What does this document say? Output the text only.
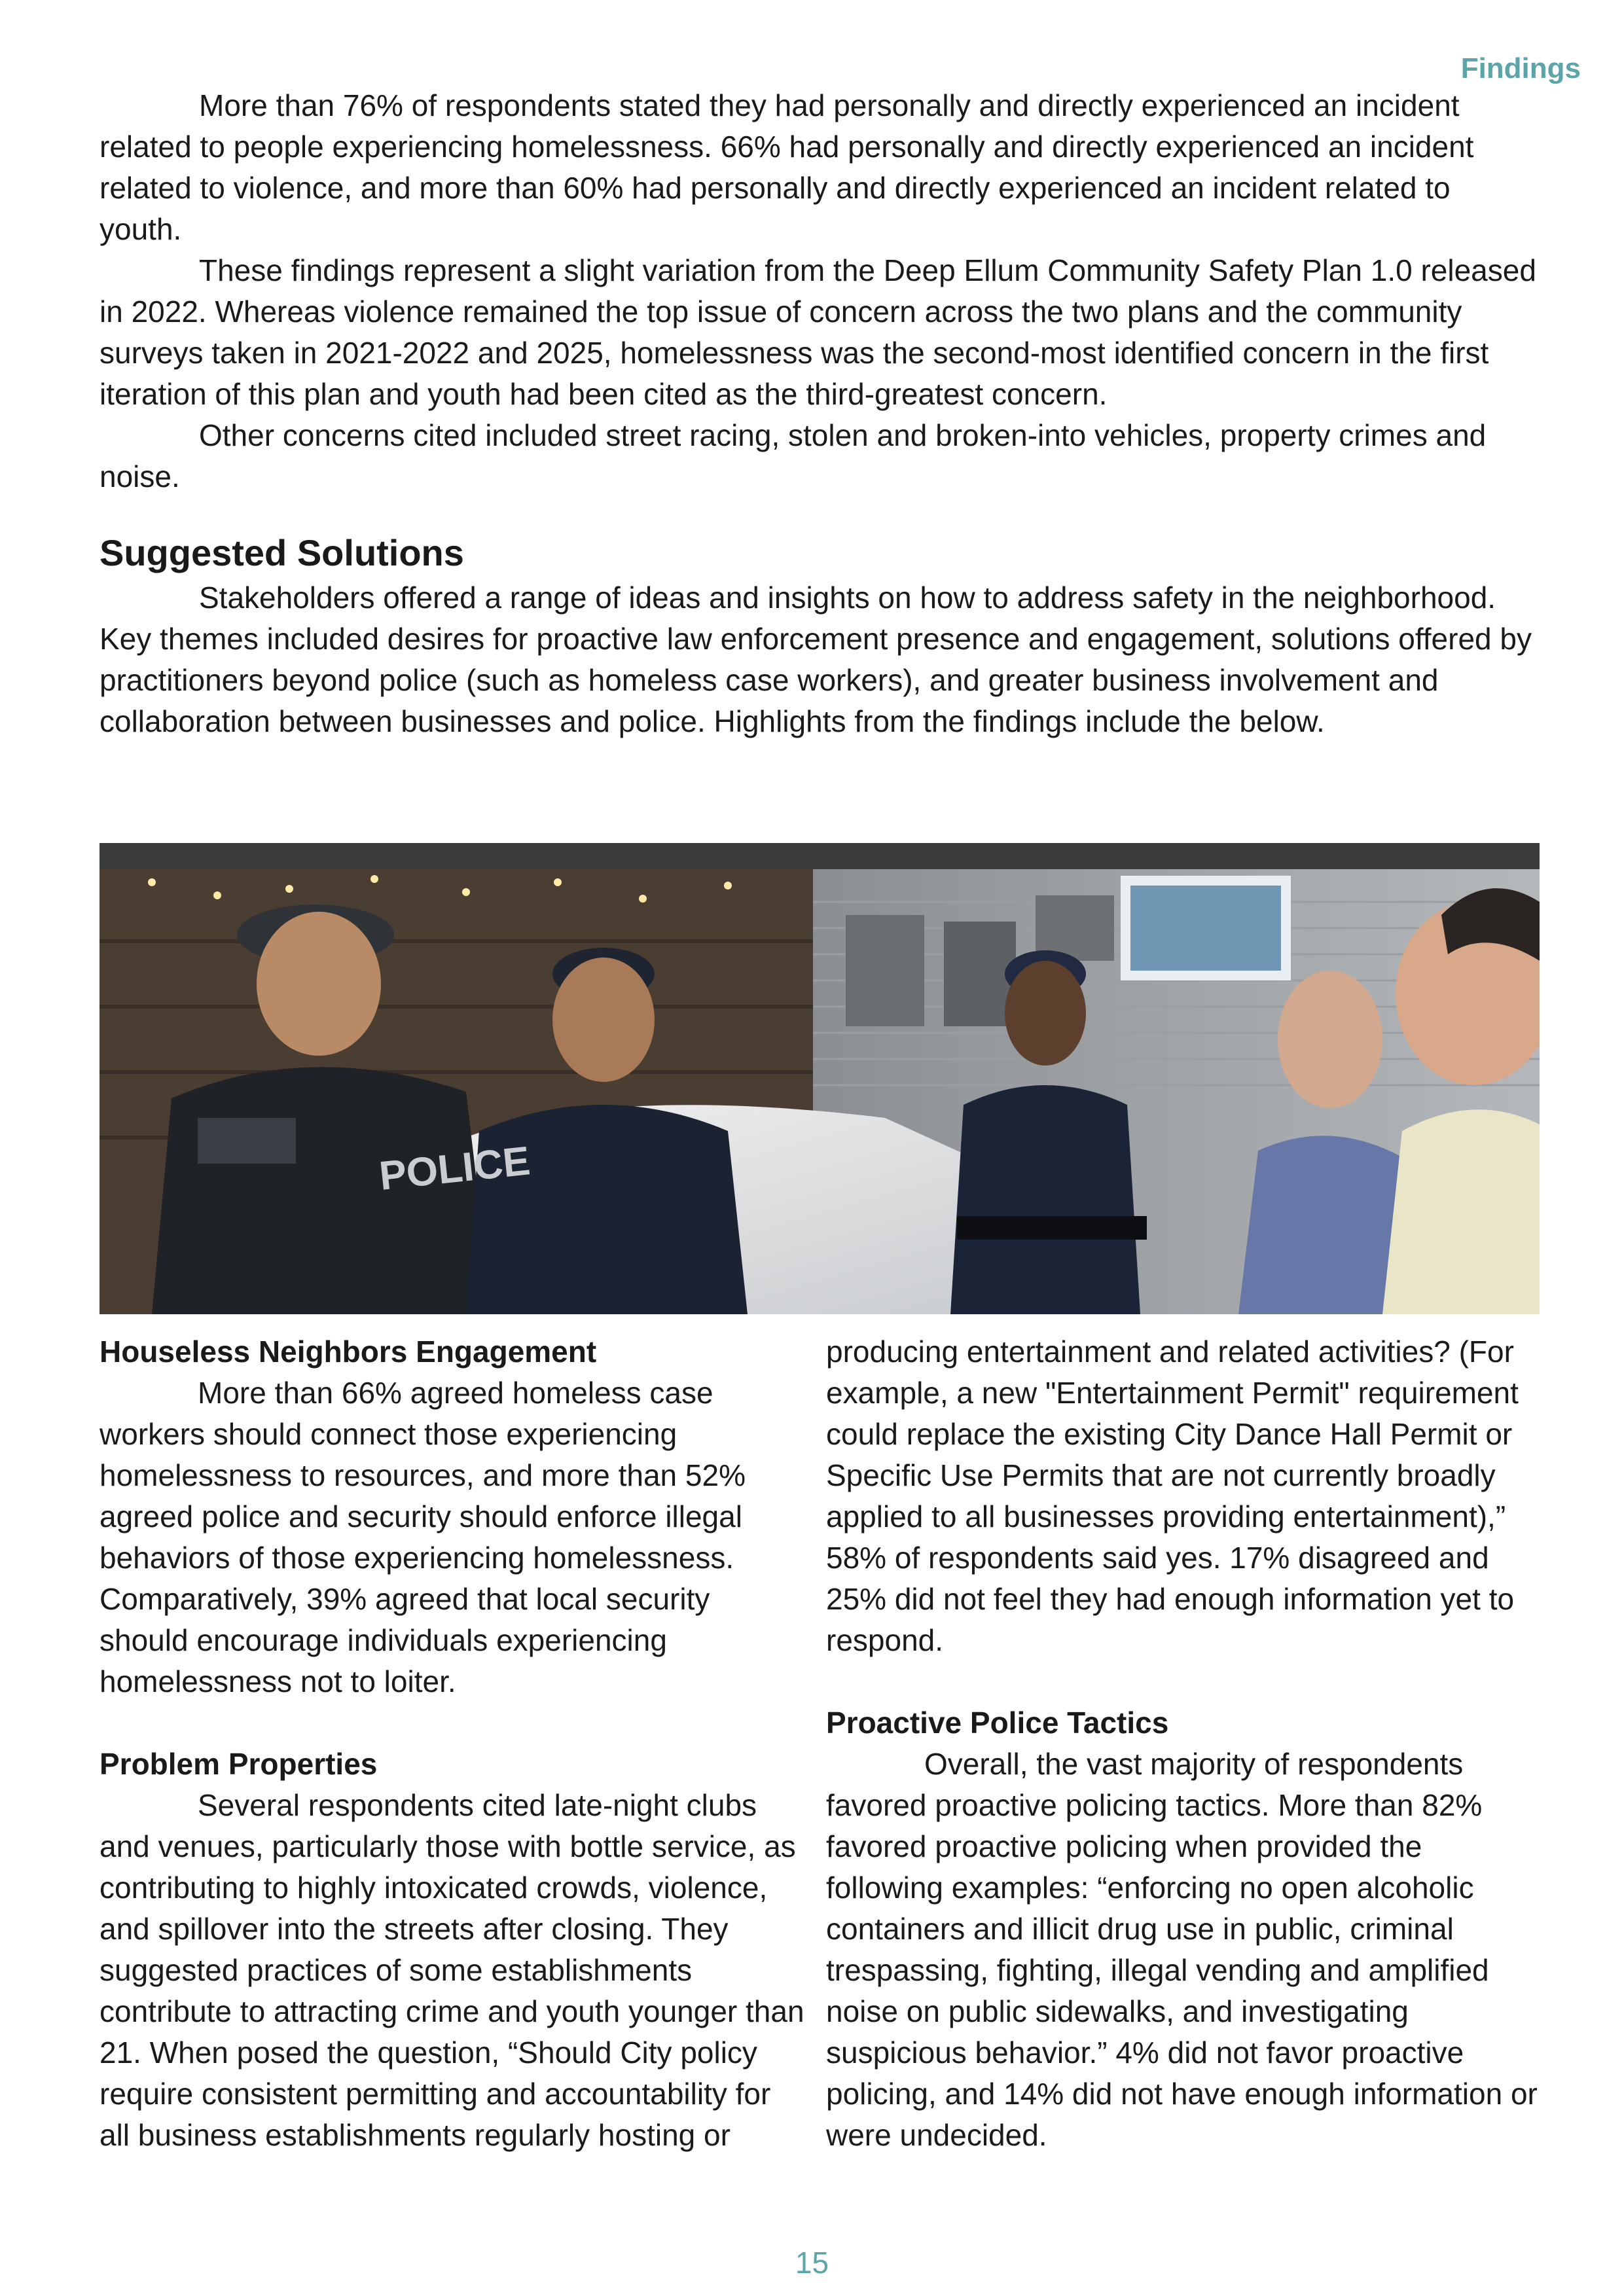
Findings

More than 76% of respondents stated they had personally and directly experienced an incident related to people experiencing homelessness. 66% had personally and directly experienced an incident related to violence, and more than 60% had personally and directly experienced an incident related to youth.

These findings represent a slight variation from the Deep Ellum Community Safety Plan 1.0 released in 2022. Whereas violence remained the top issue of concern across the two plans and the community surveys taken in 2021-2022 and 2025, homelessness was the second-most identified concern in the first iteration of this plan and youth had been cited as the third-greatest concern.

Other concerns cited included street racing, stolen and broken-into vehicles, property crimes and noise.

Suggested Solutions

Stakeholders offered a range of ideas and insights on how to address safety in the neighborhood. Key themes included desires for proactive law enforcement presence and engagement, solutions offered by practitioners beyond police (such as homeless case workers), and greater business involvement and collaboration between businesses and police. Highlights from the findings include the below.

POLICE
Houseless Neighbors Engagement

More than 66% agreed homeless case workers should connect those experiencing homelessness to resources, and more than 52% agreed police and security should enforce illegal behaviors of those experiencing homelessness. Comparatively, 39% agreed that local security should encourage individuals experiencing homelessness not to loiter.

Problem Properties

Several respondents cited late-night clubs and venues, particularly those with bottle service, as contributing to highly intoxicated crowds, violence, and spillover into the streets after closing. They suggested practices of some establishments contribute to attracting crime and youth younger than 21. When posed the question, “Should City policy require consistent permitting and accountability for all business establishments regularly hosting or

producing entertainment and related activities? (For example, a new "Entertainment Permit" requirement could replace the existing City Dance Hall Permit or Specific Use Permits that are not currently broadly applied to all businesses providing entertainment),” 58% of respondents said yes. 17% disagreed and 25% did not feel they had enough information yet to respond.

Proactive Police Tactics

Overall, the vast majority of respondents favored proactive policing tactics. More than 82% favored proactive policing when provided the following examples: “enforcing no open alcoholic containers and illicit drug use in public, criminal trespassing, fighting, illegal vending and amplified noise on public sidewalks, and investigating suspicious behavior.” 4% did not favor proactive policing, and 14% did not have enough information or were undecided.

15
